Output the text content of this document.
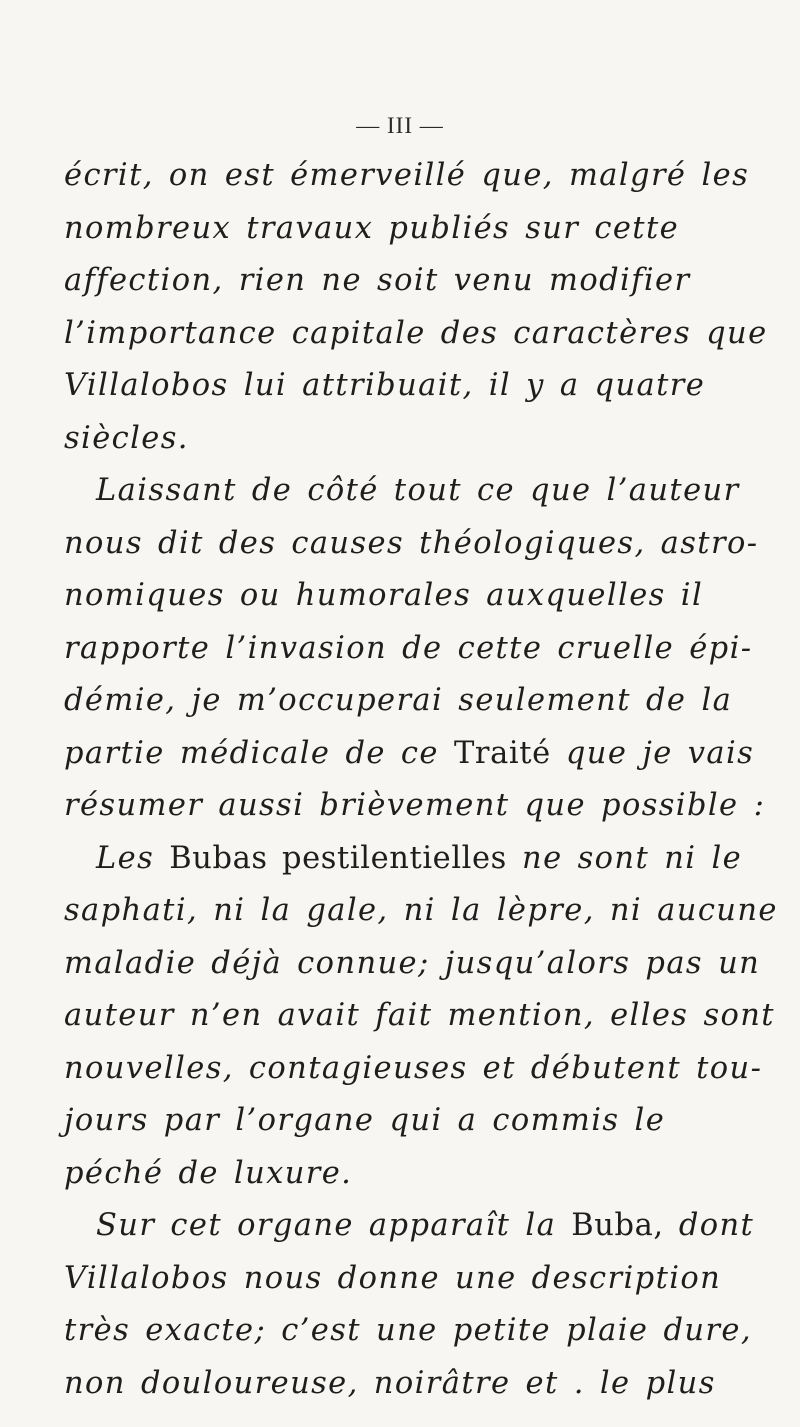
— III —
écrit, on est émerveillé que, malgré les
nombreux travaux publiés sur cette
affection, rien ne soit venu modifier
l’importance capitale des caractères que
Villalobos lui attribuait, il y a quatre
siècles.
Laissant de côté tout ce que l’auteur
nous dit des causes théologiques, astro-
nomiques ou humorales auxquelles il
rapporte l’invasion de cette cruelle épi-
démie, je m’occuperai seulement de la
partie médicale de ce Traité que je vais
résumer aussi brièvement que possible :
Les Bubas pestilentielles ne sont ni le
saphati, ni la gale, ni la lèpre, ni aucune
maladie déjà connue; jusqu’alors pas un
auteur n’en avait fait mention, elles sont
nouvelles, contagieuses et débutent tou-
jours par l’organe qui a commis le
péché de luxure.
Sur cet organe apparaît la Buba, dont
Villalobos nous donne une description
très exacte; c’est une petite plaie dure,
non douloureuse, noirâtre et . le plus
